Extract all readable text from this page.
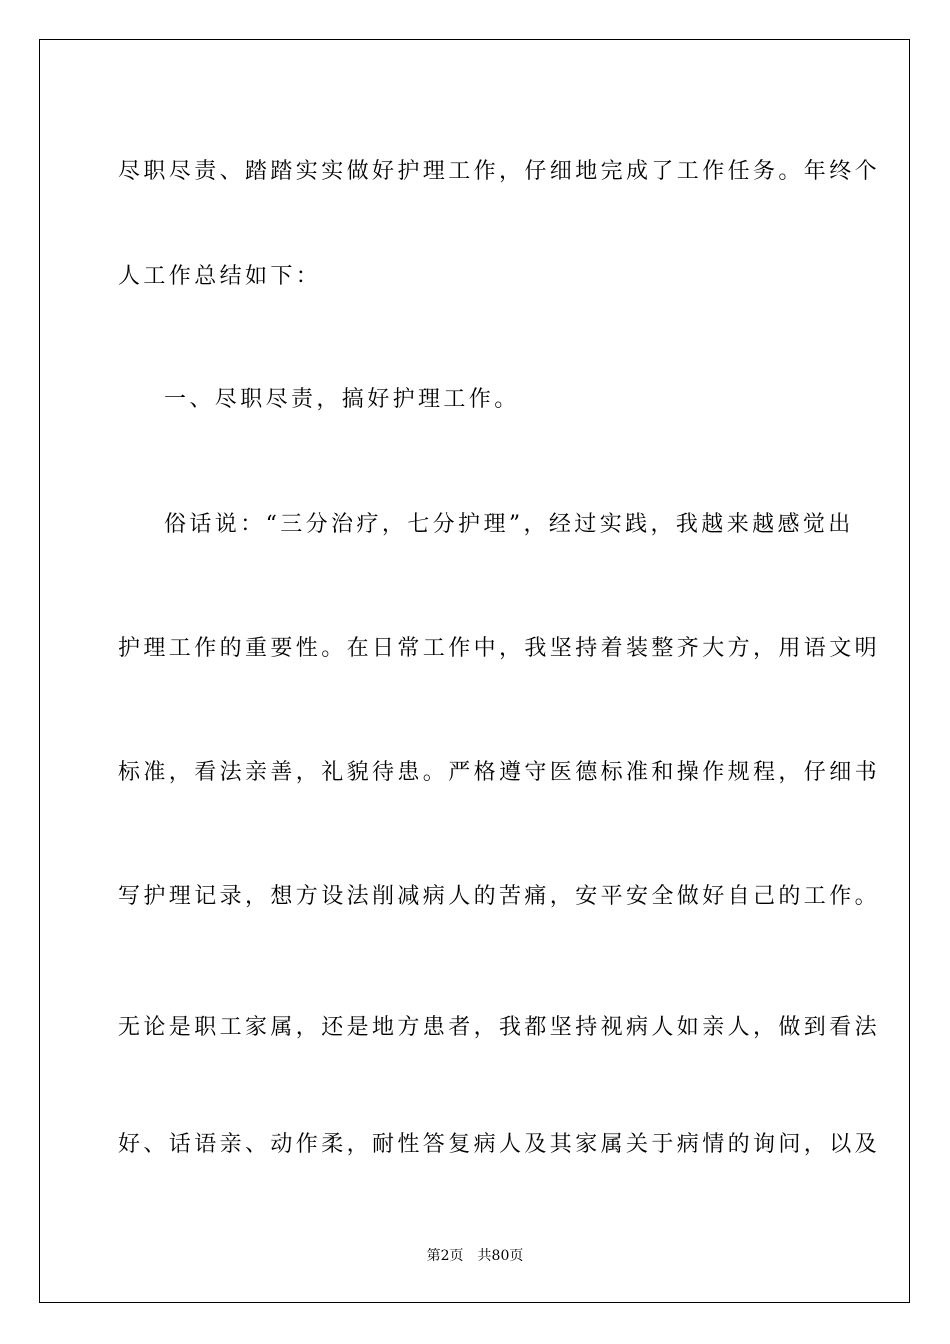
尽职尽责、踏踏实实做好护理工作，仔细地完成了工作任务。年终个
人工作总结如下：
一、尽职尽责，搞好护理工作。
俗话说：“三分治疗，七分护理”，经过实践，我越来越感觉出
护理工作的重要性。在日常工作中，我坚持着装整齐大方，用语文明
标准，看法亲善，礼貌待患。严格遵守医德标准和操作规程，仔细书
写护理记录，想方设法削减病人的苦痛，安平安全做好自己的工作。
无论是职工家属，还是地方患者，我都坚持视病人如亲人，做到看法
好、话语亲、动作柔，耐性答复病人及其家属关于病情的询问，以及
第2页 共80页
